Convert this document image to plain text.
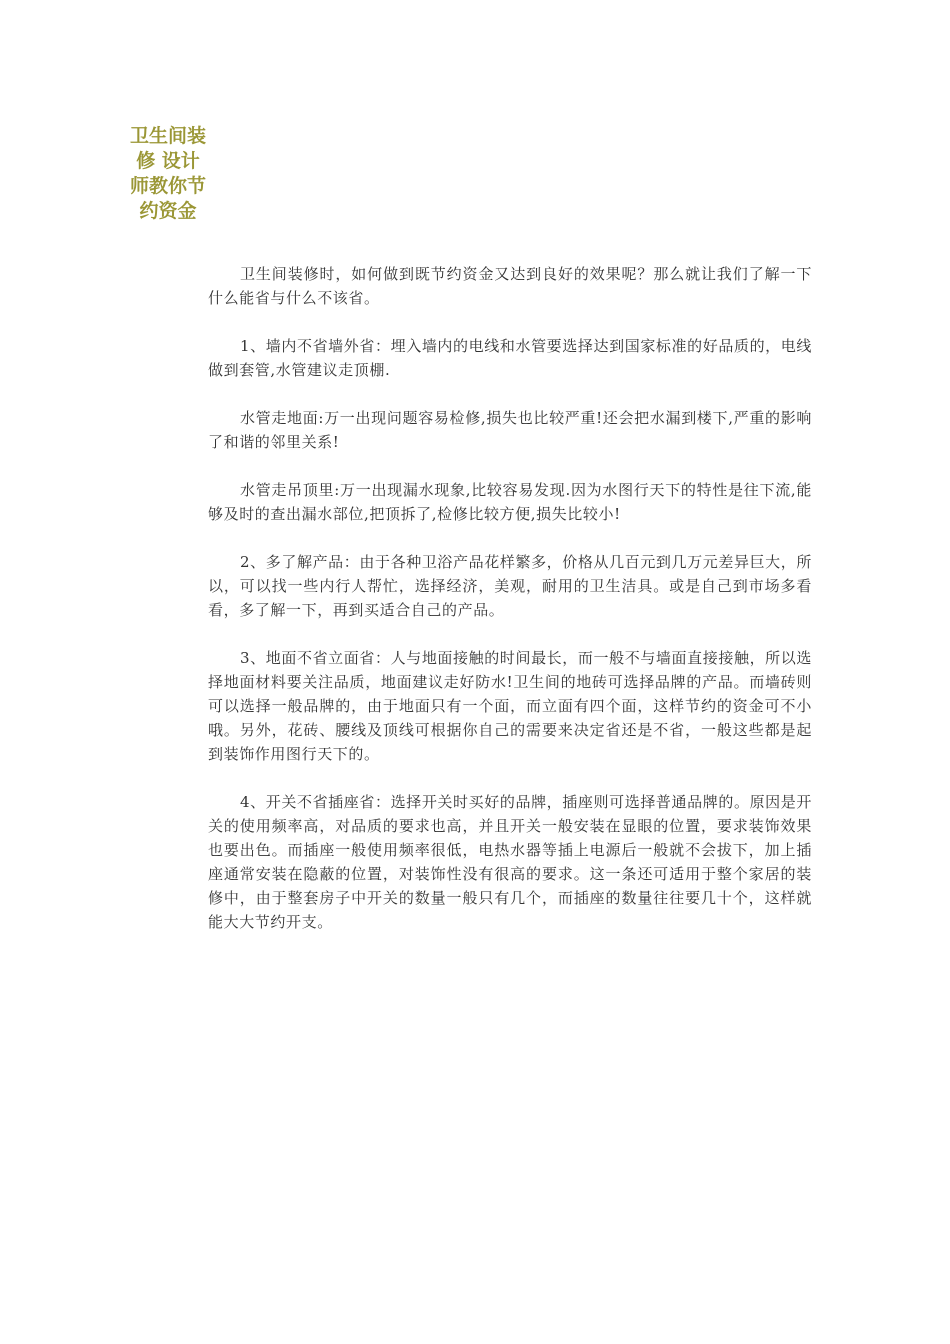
卫生间装
修 设计
师教你节
约资金

卫生间装修时，如何做到既节约资金又达到良好的效果呢？那么就让我们了解一下什么能省与什么不该省。

1、墙内不省墙外省：埋入墙内的电线和水管要选择达到国家标准的好品质的，电线做到套管,水管建议走顶棚.

水管走地面:万一出现问题容易检修,损失也比较严重!还会把水漏到楼下,严重的影响了和谐的邻里关系!

水管走吊顶里:万一出现漏水现象,比较容易发现.因为水图行天下的特性是往下流,能够及时的查出漏水部位,把顶拆了,检修比较方便,损失比较小!

2、多了解产品：由于各种卫浴产品花样繁多，价格从几百元到几万元差异巨大，所以，可以找一些内行人帮忙，选择经济，美观，耐用的卫生洁具。或是自己到市场多看看，多了解一下，再到买适合自己的产品。

3、地面不省立面省：人与地面接触的时间最长，而一般不与墙面直接接触，所以选择地面材料要关注品质，地面建议走好防水!卫生间的地砖可选择品牌的产品。而墙砖则可以选择一般品牌的，由于地面只有一个面，而立面有四个面，这样节约的资金可不小哦。另外，花砖、腰线及顶线可根据你自己的需要来决定省还是不省，一般这些都是起到装饰作用图行天下的。

4、开关不省插座省：选择开关时买好的品牌，插座则可选择普通品牌的。原因是开关的使用频率高，对品质的要求也高，并且开关一般安装在显眼的位置，要求装饰效果也要出色。而插座一般使用频率很低，电热水器等插上电源后一般就不会拔下，加上插座通常安装在隐蔽的位置，对装饰性没有很高的要求。这一条还可适用于整个家居的装修中，由于整套房子中开关的数量一般只有几个，而插座的数量往往要几十个，这样就能大大节约开支。
